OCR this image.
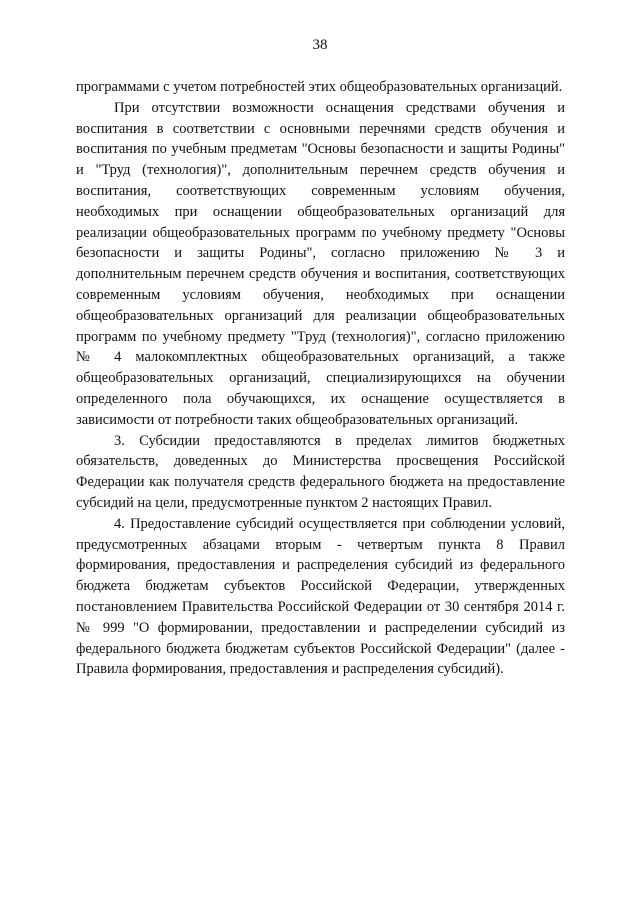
38

программами с учетом потребностей этих общеобразовательных организаций.

При отсутствии возможности оснащения средствами обучения и воспитания в соответствии с основными перечнями средств обучения и воспитания по учебным предметам "Основы безопасности и защиты Родины" и "Труд (технология)", дополнительным перечнем средств обучения и воспитания, соответствующих современным условиям обучения, необходимых при оснащении общеобразовательных организаций для реализации общеобразовательных программ по учебному предмету "Основы безопасности и защиты Родины", согласно приложению № 3 и дополнительным перечнем средств обучения и воспитания, соответствующих современным условиям обучения, необходимых при оснащении общеобразовательных организаций для реализации общеобразовательных программ по учебному предмету "Труд (технология)", согласно приложению № 4 малокомплектных общеобразовательных организаций, а также общеобразовательных организаций, специализирующихся на обучении определенного пола обучающихся, их оснащение осуществляется в зависимости от потребности таких общеобразовательных организаций.

3. Субсидии предоставляются в пределах лимитов бюджетных обязательств, доведенных до Министерства просвещения Российской Федерации как получателя средств федерального бюджета на предоставление субсидий на цели, предусмотренные пунктом 2 настоящих Правил.

4. Предоставление субсидий осуществляется при соблюдении условий, предусмотренных абзацами вторым - четвертым пункта 8 Правил формирования, предоставления и распределения субсидий из федерального бюджета бюджетам субъектов Российской Федерации, утвержденных постановлением Правительства Российской Федерации от 30 сентября 2014 г. № 999 "О формировании, предоставлении и распределении субсидий из федерального бюджета бюджетам субъектов Российской Федерации" (далее - Правила формирования, предоставления и распределения субсидий).
